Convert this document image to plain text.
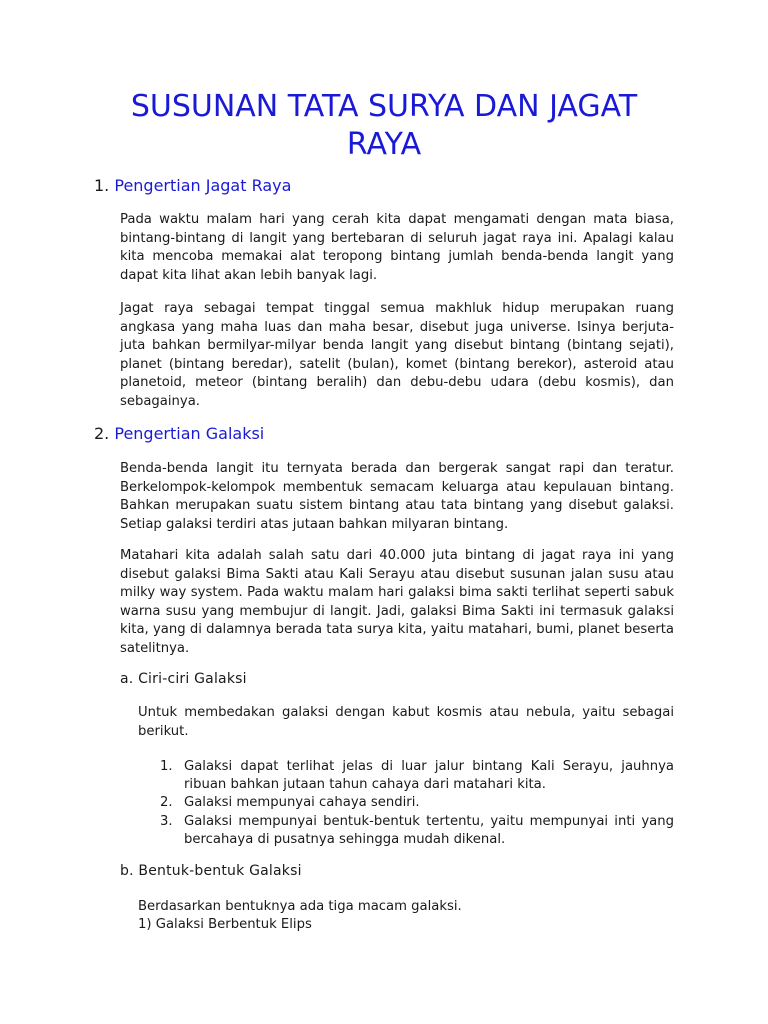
SUSUNAN TATA SURYA DAN JAGAT RAYA
1. Pengertian Jagat Raya

Pada waktu malam hari yang cerah kita dapat mengamati dengan mata biasa, bintang-bintang di langit yang bertebaran di seluruh jagat raya ini. Apalagi kalau kita mencoba memakai alat teropong bintang jumlah benda-benda langit yang dapat kita lihat akan lebih banyak lagi.

Jagat raya sebagai tempat tinggal semua makhluk hidup merupakan ruang angkasa yang maha luas dan maha besar, disebut juga universe. Isinya berjuta-juta bahkan bermilyar-milyar benda langit yang disebut bintang (bintang sejati), planet (bintang beredar), satelit (bulan), komet (bintang berekor), asteroid atau planetoid, meteor (bintang beralih) dan debu-debu udara (debu kosmis), dan sebagainya.

2. Pengertian Galaksi

Benda-benda langit itu ternyata berada dan bergerak sangat rapi dan teratur. Berkelompok-kelompok membentuk semacam keluarga atau kepulauan bintang. Bahkan merupakan suatu sistem bintang atau tata bintang yang disebut galaksi. Setiap galaksi terdiri atas jutaan bahkan milyaran bintang.

Matahari kita adalah salah satu dari 40.000 juta bintang di jagat raya ini yang disebut galaksi Bima Sakti atau Kali Serayu atau disebut susunan jalan susu atau milky way system. Pada waktu malam hari galaksi bima sakti terlihat seperti sabuk warna susu yang membujur di langit. Jadi, galaksi Bima Sakti ini termasuk galaksi kita, yang di dalamnya berada tata surya kita, yaitu matahari, bumi, planet beserta satelitnya.

a. Ciri-ciri Galaksi

Untuk membedakan galaksi dengan kabut kosmis atau nebula, yaitu sebagai berikut.

1. Galaksi dapat terlihat jelas di luar jalur bintang Kali Serayu, jauhnya ribuan bahkan jutaan tahun cahaya dari matahari kita.
2. Galaksi mempunyai cahaya sendiri.
3. Galaksi mempunyai bentuk-bentuk tertentu, yaitu mempunyai inti yang bercahaya di pusatnya sehingga mudah dikenal.
b. Bentuk-bentuk Galaksi

Berdasarkan bentuknya ada tiga macam galaksi.

1) Galaksi Berbentuk Elips
